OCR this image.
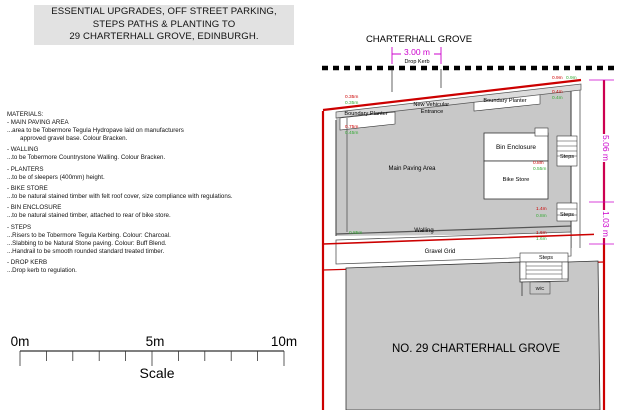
ESSENTIAL UPGRADES, OFF STREET PARKING,
STEPS PATHS & PLANTING TO
29 CHARTERHALL GROVE, EDINBURGH.
MATERIALS:
- MAIN PAVING AREA
...area to be Tobermore Tegula Hydropave laid on manufacturers
approved gravel base. Colour Bracken.
- WALLING
...to be Tobermore Countrystone Walling. Colour Bracken.
- PLANTERS
...to be of sleepers (400mm) height.
- BIKE STORE
...to be natural stained timber with felt roof cover, size compliance with regulations.
- BIN ENCLOSURE
...to be natural stained timber, attached to rear of bike store.
- STEPS
...Risers to be Tobermore Tegula Kerbing. Colour: Charcoal.
...Slabbing to be Natural Stone paving. Colour: Buff Blend.
...Handrail to be smooth rounded standard treated timber.
- DROP KERB
...Drop kerb to regulation.
0m	5m	10m
Scale
CHARTERHALL GROVE
3.00 m
Drop Kerb
Bin Enclosure
Bike Store
Steps
Steps
Walling
Gravel Grid
NO. 29 CHARTERHALL GROVE
Steps
W/C
Boundary Planter
Boundary Planter
New Vehicular Entrance
Main Paving Area
0.35m
0.35m
0.75m
0.45m
0.9m 0.9m
0.4m
0.4m
0.8m
0.55m
1.4m
0.8m
0.85m	1.6m
1.6m
5.06 m
1.03 m
